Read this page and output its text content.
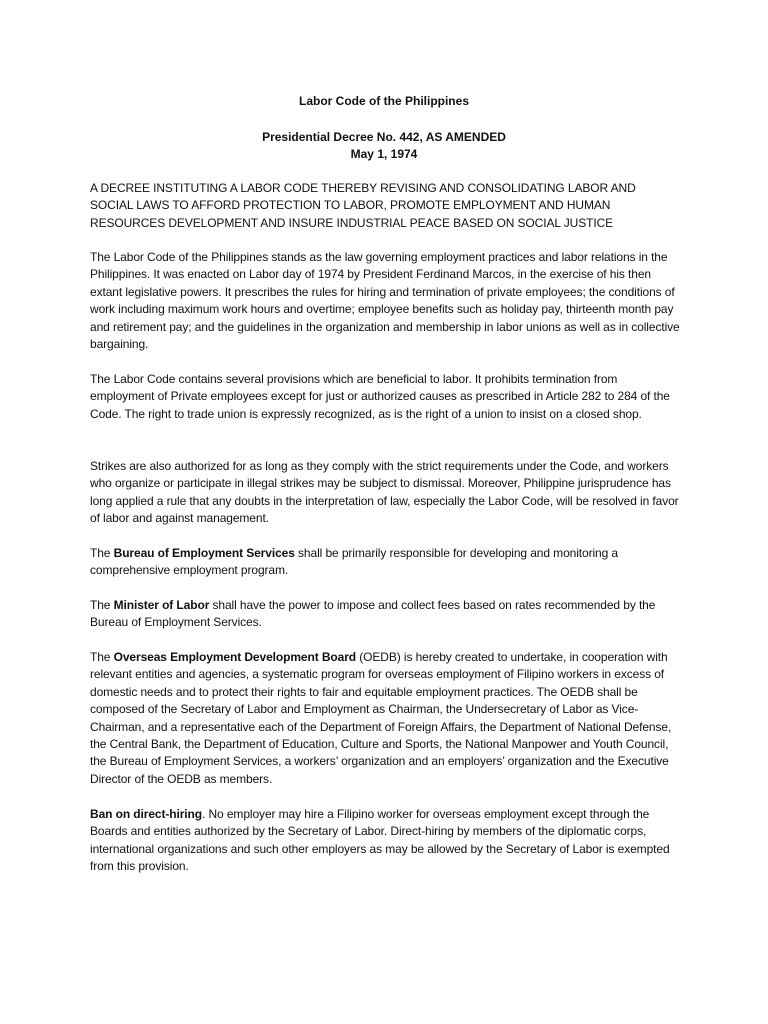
Labor Code of the Philippines

Presidential Decree No. 442, AS AMENDED

May 1, 1974

A DECREE INSTITUTING A LABOR CODE THEREBY REVISING AND CONSOLIDATING LABOR AND SOCIAL LAWS TO AFFORD PROTECTION TO LABOR, PROMOTE EMPLOYMENT AND HUMAN RESOURCES DEVELOPMENT AND INSURE INDUSTRIAL PEACE BASED ON SOCIAL JUSTICE

The Labor Code of the Philippines stands as the law governing employment practices and labor relations in the Philippines. It was enacted on Labor day of 1974 by President Ferdinand Marcos, in the exercise of his then extant legislative powers. It prescribes the rules for hiring and termination of private employees; the conditions of work including maximum work hours and overtime; employee benefits such as holiday pay, thirteenth month pay and retirement pay; and the guidelines in the organization and membership in labor unions as well as in collective bargaining.

The Labor Code contains several provisions which are beneficial to labor. It prohibits termination from employment of Private employees except for just or authorized causes as prescribed in Article 282 to 284 of the Code. The right to trade union is expressly recognized, as is the right of a union to insist on a closed shop.

Strikes are also authorized for as long as they comply with the strict requirements under the Code, and workers who organize or participate in illegal strikes may be subject to dismissal. Moreover, Philippine jurisprudence has long applied a rule that any doubts in the interpretation of law, especially the Labor Code, will be resolved in favor of labor and against management.

The Bureau of Employment Services shall be primarily responsible for developing and monitoring a comprehensive employment program.

The Minister of Labor shall have the power to impose and collect fees based on rates recommended by the Bureau of Employment Services.

The Overseas Employment Development Board (OEDB) is hereby created to undertake, in cooperation with relevant entities and agencies, a systematic program for overseas employment of Filipino workers in excess of domestic needs and to protect their rights to fair and equitable employment practices. The OEDB shall be composed of the Secretary of Labor and Employment as Chairman, the Undersecretary of Labor as Vice-Chairman, and a representative each of the Department of Foreign Affairs, the Department of National Defense, the Central Bank, the Department of Education, Culture and Sports, the National Manpower and Youth Council, the Bureau of Employment Services, a workers’ organization and an employers’ organization and the Executive Director of the OEDB as members.

Ban on direct-hiring. No employer may hire a Filipino worker for overseas employment except through the Boards and entities authorized by the Secretary of Labor. Direct-hiring by members of the diplomatic corps, international organizations and such other employers as may be allowed by the Secretary of Labor is exempted from this provision.
